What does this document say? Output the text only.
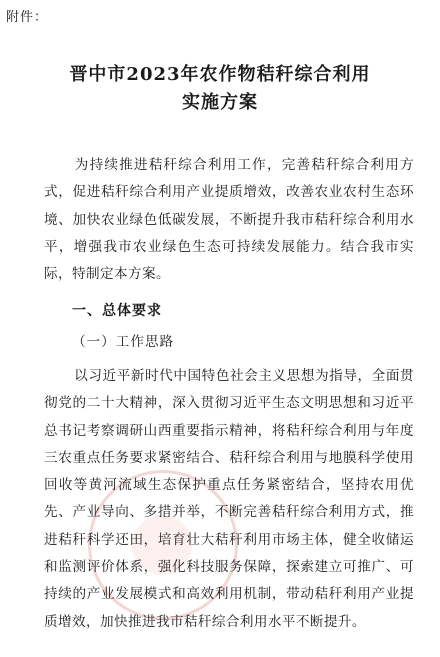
附件：
晋中市2023年农作物秸秆综合利用
实施方案

为持续推进秸秆综合利用工作，完善秸秆综合利用方式，促进秸秆综合利用产业提质增效，改善农业农村生态环境、加快农业绿色低碳发展，不断提升我市秸秆综合利用水平，增强我市农业绿色生态可持续发展能力。结合我市实际，特制定本方案。

一、总体要求
（一）工作思路

以习近平新时代中国特色社会主义思想为指导，全面贯彻党的二十大精神，深入贯彻习近平生态文明思想和习近平总书记考察调研山西重要指示精神，将秸秆综合利用与年度三农重点任务要求紧密结合、秸秆综合利用与地膜科学使用回收等黄河流域生态保护重点任务紧密结合，坚持农用优先、产业导向、多措并举，不断完善秸秆综合利用方式，推进秸秆科学还田，培育壮大秸秆利用市场主体，健全收储运和监测评价体系，强化科技服务保障，探索建立可推广、可持续的产业发展模式和高效利用机制，带动秸秆利用产业提质增效，加快推进我市秸秆综合利用水平不断提升。
